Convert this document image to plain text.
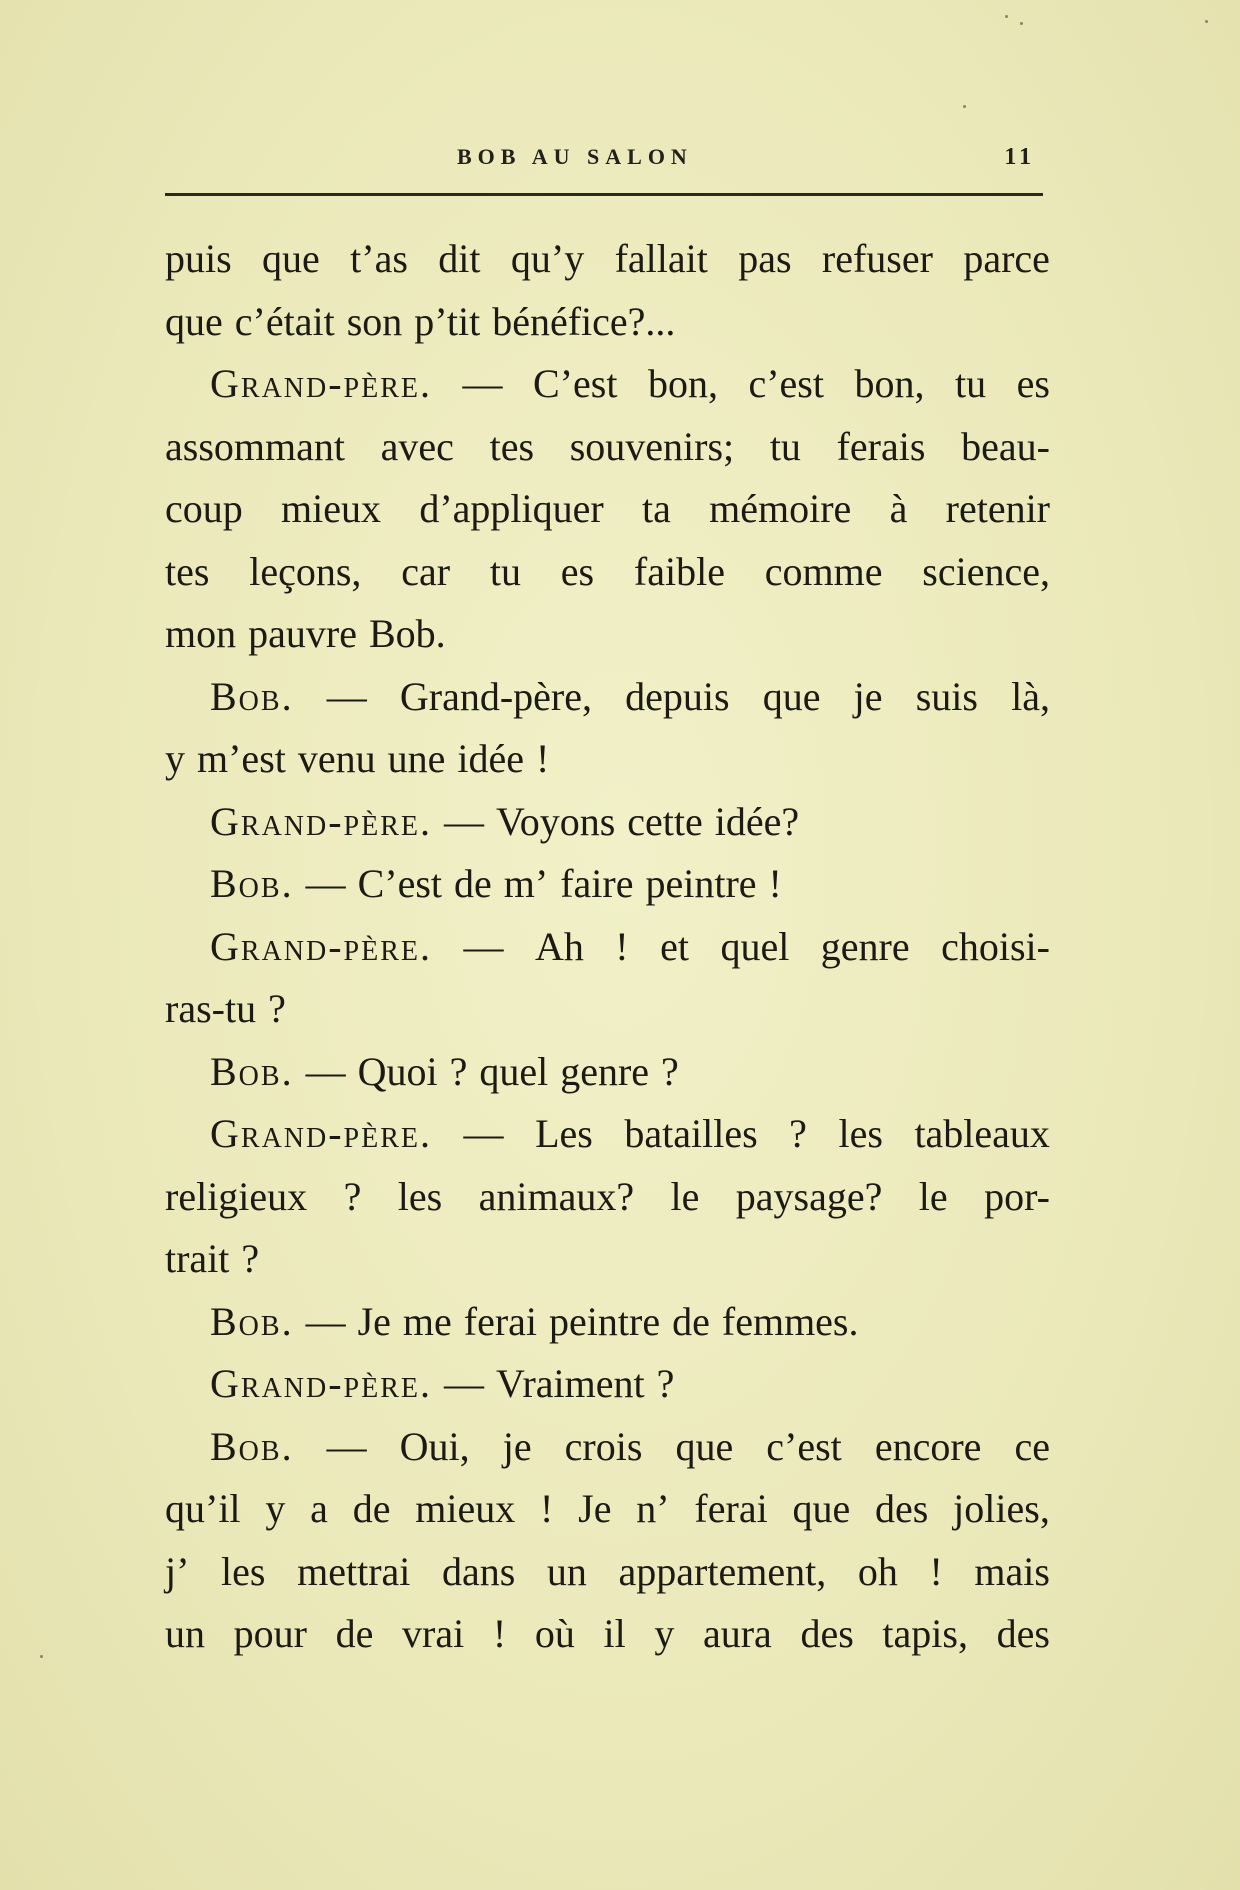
BOB AU SALON	11
puis que t’as dit qu’y fallait pas refuser parce
que
c’était
son
p’tit
bénéfice?...
Grand-père. — C’est bon, c’est bon, tu es
assommant avec tes souvenirs; tu ferais beau-
coup mieux d’appliquer ta mémoire à retenir
tes leçons, car tu es faible comme science,
mon
pauvre
Bob.
Bob. — Grand-père, depuis que je suis là,
y
m’est
venu
une
idée
!
Grand-père.
—
Voyons
cette
idée?
Bob.
—
C’est
de
m’
faire
peintre
!
Grand-père. — Ah ! et quel genre choisi-
ras-tu
?
Bob.
—
Quoi
?
quel
genre
?
Grand-père. — Les batailles ? les tableaux
religieux ? les animaux? le paysage? le por-
trait
?
Bob.
—
Je
me
ferai
peintre
de
femmes.
Grand-père.
—
Vraiment
?
Bob. — Oui, je crois que c’est encore ce
qu’il y a de mieux ! Je n’ ferai que des jolies,
j’ les mettrai dans un appartement, oh ! mais
un pour de vrai ! où il y aura des tapis, des
